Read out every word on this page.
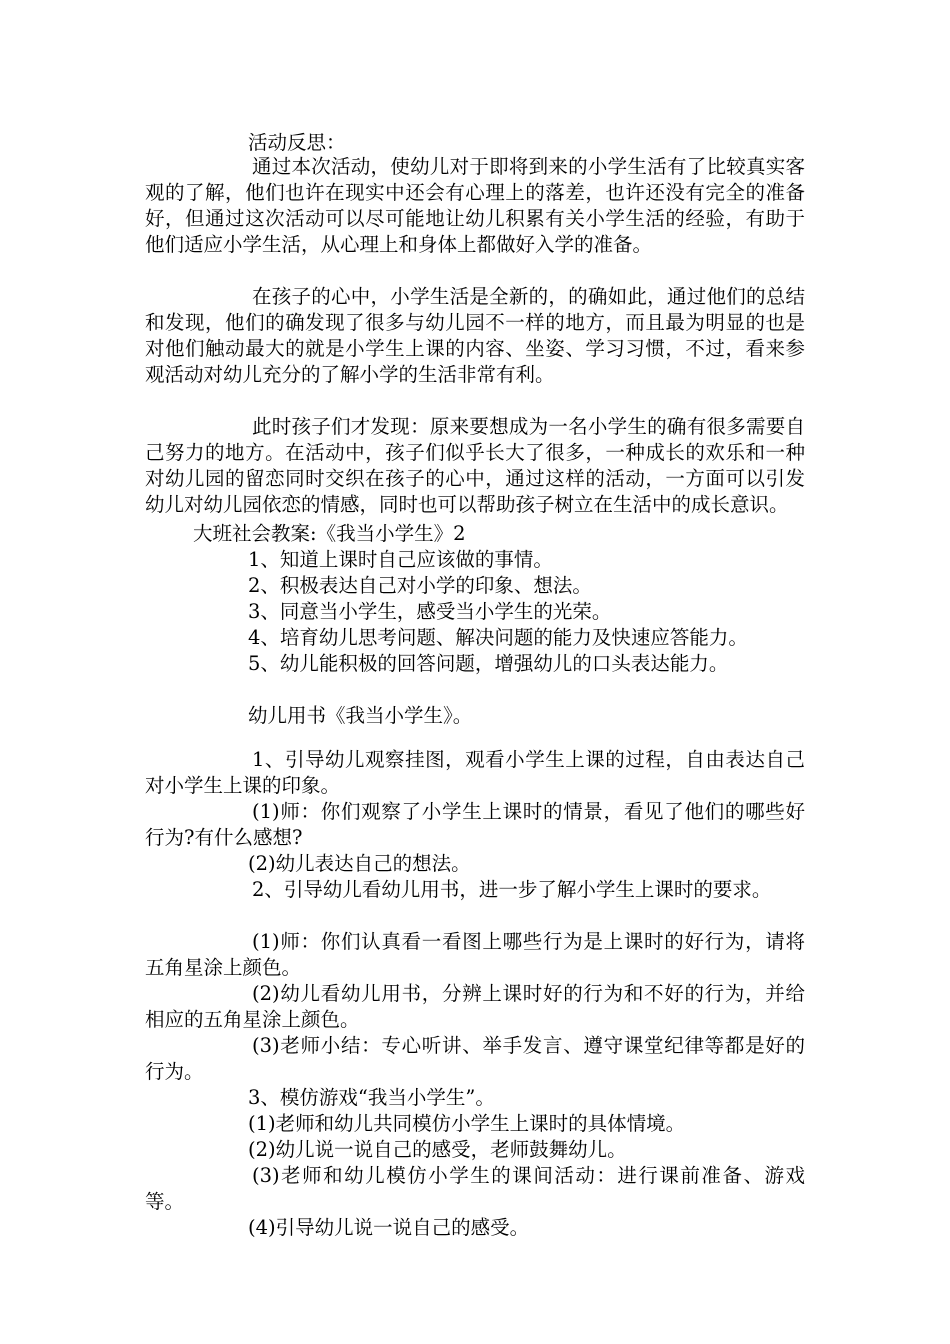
活动反思：
通过本次活动，使幼儿对于即将到来的小学生活有了比较真实客观的了解，他们也许在现实中还会有心理上的落差，也许还没有完全的准备好，但通过这次活动可以尽可能地让幼儿积累有关小学生活的经验，有助于他们适应小学生活，从心理上和身体上都做好入学的准备。
在孩子的心中，小学生活是全新的，的确如此，通过他们的总结和发现，他们的确发现了很多与幼儿园不一样的地方，而且最为明显的也是对他们触动最大的就是小学生上课的内容、坐姿、学习习惯，不过，看来参观活动对幼儿充分的了解小学的生活非常有利。
此时孩子们才发现：原来要想成为一名小学生的确有很多需要自己努力的地方。在活动中，孩子们似乎长大了很多，一种成长的欢乐和一种对幼儿园的留恋同时交织在孩子的心中，通过这样的活动，一方面可以引发幼儿对幼儿园依恋的情感，同时也可以帮助孩子树立在生活中的成长意识。
大班社会教案:《我当小学生》2
1、知道上课时自己应该做的事情。
2、积极表达自己对小学的印象、想法。
3、同意当小学生，感受当小学生的光荣。
4、培育幼儿思考问题、解决问题的能力及快速应答能力。
5、幼儿能积极的回答问题，增强幼儿的口头表达能力。
幼儿用书《我当小学生》。
1、引导幼儿观察挂图，观看小学生上课的过程，自由表达自己对小学生上课的印象。
(1)师：你们观察了小学生上课时的情景，看见了他们的哪些好行为?有什么感想?
(2)幼儿表达自己的想法。
2、引导幼儿看幼儿用书，进一步了解小学生上课时的要求。
(1)师：你们认真看一看图上哪些行为是上课时的好行为，请将五角星涂上颜色。
(2)幼儿看幼儿用书，分辨上课时好的行为和不好的行为，并给相应的五角星涂上颜色。
(3)老师小结：专心听讲、举手发言、遵守课堂纪律等都是好的行为。
3、模仿游戏“我当小学生”。
(1)老师和幼儿共同模仿小学生上课时的具体情境。
(2)幼儿说一说自己的感受，老师鼓舞幼儿。
(3)老师和幼儿模仿小学生的课间活动：进行课前准备、游戏等。
(4)引导幼儿说一说自己的感受。
